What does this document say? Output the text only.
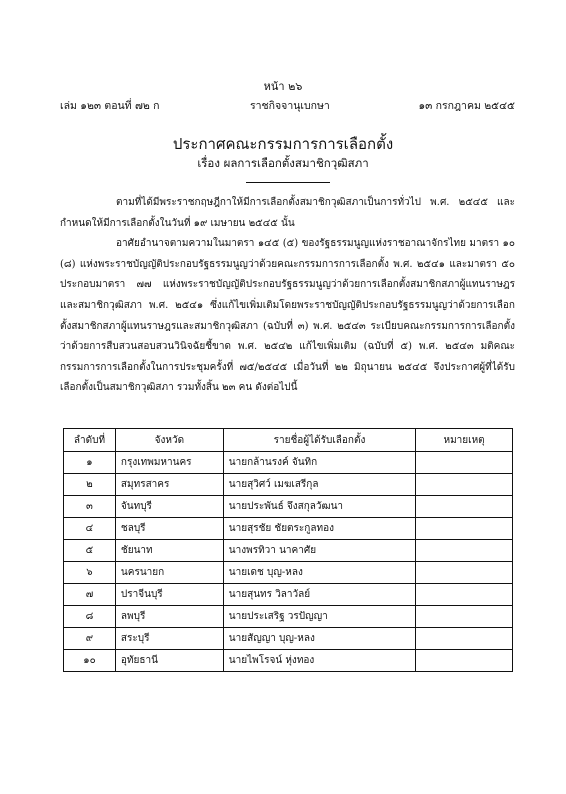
หน้า ๒๖
เล่ม ๑๒๓ ตอนที่ ๗๒ ก	ราชกิจจานุเบกษา	๑๓ กรกฎาคม ๒๕๔๕
ประกาศคณะกรรมการการเลือกตั้ง
เรื่อง ผลการเลือกตั้งสมาชิกวุฒิสภา

ตามที่ได้มีพระราชกฤษฎีกาให้มีการเลือกตั้งสมาชิกวุฒิสภาเป็นการทั่วไป พ.ศ. ๒๕๔๕ และกำหนดให้มีการเลือกตั้งในวันที่ ๑๙ เมษายน ๒๕๔๕ นั้น

อาศัยอำนาจตามความในมาตรา ๑๔๕ (๕) ของรัฐธรรมนูญแห่งราชอาณาจักรไทย มาตรา ๑๐ (๘) แห่งพระราชบัญญัติประกอบรัฐธรรมนูญว่าด้วยคณะกรรมการการเลือกตั้ง พ.ศ. ๒๕๔๑ และมาตรา ๕๐ ประกอบมาตรา ๗๗ แห่งพระราชบัญญัติประกอบรัฐธรรมนูญว่าด้วยการเลือกตั้งสมาชิกสภาผู้แทนราษฎรและสมาชิกวุฒิสภา พ.ศ. ๒๕๔๑ ซึ่งแก้ไขเพิ่มเติมโดยพระราชบัญญัติประกอบรัฐธรรมนูญว่าด้วยการเลือกตั้งสมาชิกสภาผู้แทนราษฎรและสมาชิกวุฒิสภา (ฉบับที่ ๓) พ.ศ. ๒๕๔๓ ระเบียบคณะกรรมการการเลือกตั้ง ว่าด้วยการสืบสวนสอบสวนวินิจฉัยชี้ขาด พ.ศ. ๒๕๔๒ แก้ไขเพิ่มเติม (ฉบับที่ ๕) พ.ศ. ๒๕๔๓ มติคณะกรรมการการเลือกตั้งในการประชุมครั้งที่ ๗๕/๒๕๔๕ เมื่อวันที่ ๒๒ มิถุนายน ๒๕๔๕ จึงประกาศผู้ที่ได้รับเลือกตั้งเป็นสมาชิกวุฒิสภา รวมทั้งสิ้น ๒๓ คน ดังต่อไปนี้

ลำดับที่	จังหวัด	รายชื่อผู้ได้รับเลือกตั้ง	หมายเหตุ
๑	กรุงเทพมหานคร	นายกล้านรงค์ จันทิก	
๒	สมุทรสาคร	นายสุวิศว์ เมฆเสรีกุล	
๓	จันทบุรี	นายประพันธ์ จึงสกุลวัฒนา	
๔	ชลบุรี	นายสุรชัย ชัยตระกูลทอง	
๕	ชัยนาท	นางพรทิวา นาคาศัย	
๖	นครนายก	นายเดช บุญ-หลง	
๗	ปราจีนบุรี	นายสุนทร วิลาวัลย์	
๘	ลพบุรี	นายประเสริฐ วรปัญญา	
๙	สระบุรี	นายสัญญา บุญ-หลง	
๑๐	อุทัยธานี	นายไพโรจน์ หุ่งทอง	
